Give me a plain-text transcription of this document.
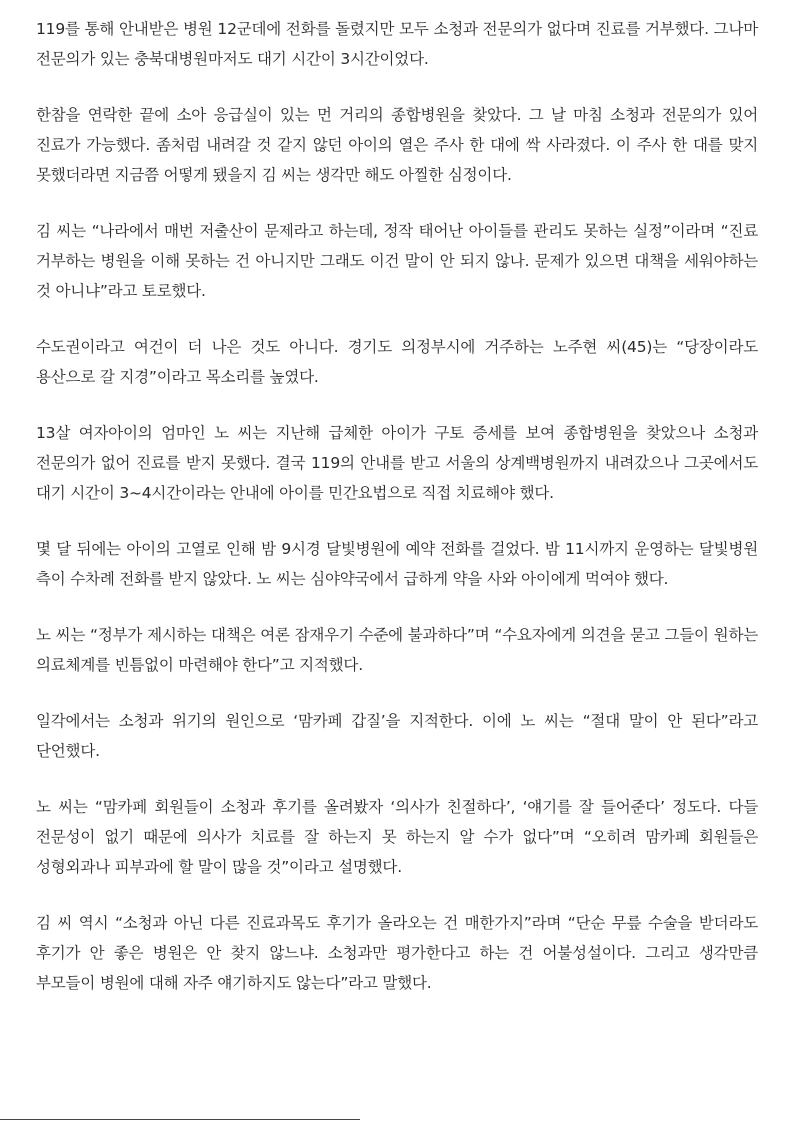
119를 통해 안내받은 병원 12군데에 전화를 돌렸지만 모두 소청과 전문의가 없다며 진료를 거부했다. 그나마 전문의가 있는 충북대병원마저도 대기 시간이 3시간이었다.

한참을 연락한 끝에 소아 응급실이 있는 먼 거리의 종합병원을 찾았다. 그 날 마침 소청과 전문의가 있어 진료가 가능했다. 좀처럼 내려갈 것 같지 않던 아이의 열은 주사 한 대에 싹 사라졌다. 이 주사 한 대를 맞지 못했더라면 지금쯤 어떻게 됐을지 김 씨는 생각만 해도 아찔한 심정이다.

김 씨는 “나라에서 매번 저출산이 문제라고 하는데, 정작 태어난 아이들를 관리도 못하는 실정”이라며 “진료 거부하는 병원을 이해 못하는 건 아니지만 그래도 이건 말이 안 되지 않나. 문제가 있으면 대책을 세워야하는 것 아니냐”라고 토로했다.

수도권이라고 여건이 더 나은 것도 아니다. 경기도 의정부시에 거주하는 노주현 씨(45)는 “당장이라도 용산으로 갈 지경”이라고 목소리를 높였다.

13살 여자아이의 엄마인 노 씨는 지난해 급체한 아이가 구토 증세를 보여 종합병원을 찾았으나 소청과 전문의가 없어 진료를 받지 못했다. 결국 119의 안내를 받고 서울의 상계백병원까지 내려갔으나 그곳에서도 대기 시간이 3~4시간이라는 안내에 아이를 민간요법으로 직접 치료해야 했다.

몇 달 뒤에는 아이의 고열로 인해 밤 9시경 달빛병원에 예약 전화를 걸었다. 밤 11시까지 운영하는 달빛병원 측이 수차례 전화를 받지 않았다. 노 씨는 심야약국에서 급하게 약을 사와 아이에게 먹여야 했다.

노 씨는 “정부가 제시하는 대책은 여론 잠재우기 수준에 불과하다”며 “수요자에게 의견을 묻고 그들이 원하는 의료체계를 빈틈없이 마련해야 한다”고 지적했다.

일각에서는 소청과 위기의 원인으로 ‘맘카페 갑질’을 지적한다. 이에 노 씨는 “절대 말이 안 된다”라고 단언했다.

노 씨는 “맘카페 회원들이 소청과 후기를 올려봤자 ‘의사가 친절하다’, ‘얘기를 잘 들어준다’ 정도다. 다들 전문성이 없기 때문에 의사가 치료를 잘 하는지 못 하는지 알 수가 없다”며 “오히려 맘카페 회원들은 성형외과나 피부과에 할 말이 많을 것”이라고 설명했다.

김 씨 역시 “소청과 아닌 다른 진료과목도 후기가 올라오는 건 매한가지”라며 “단순 무릎 수술을 받더라도 후기가 안 좋은 병원은 안 찾지 않느냐. 소청과만 평가한다고 하는 건 어불성설이다. 그리고 생각만큼 부모들이 병원에 대해 자주 얘기하지도 않는다”라고 말했다.
